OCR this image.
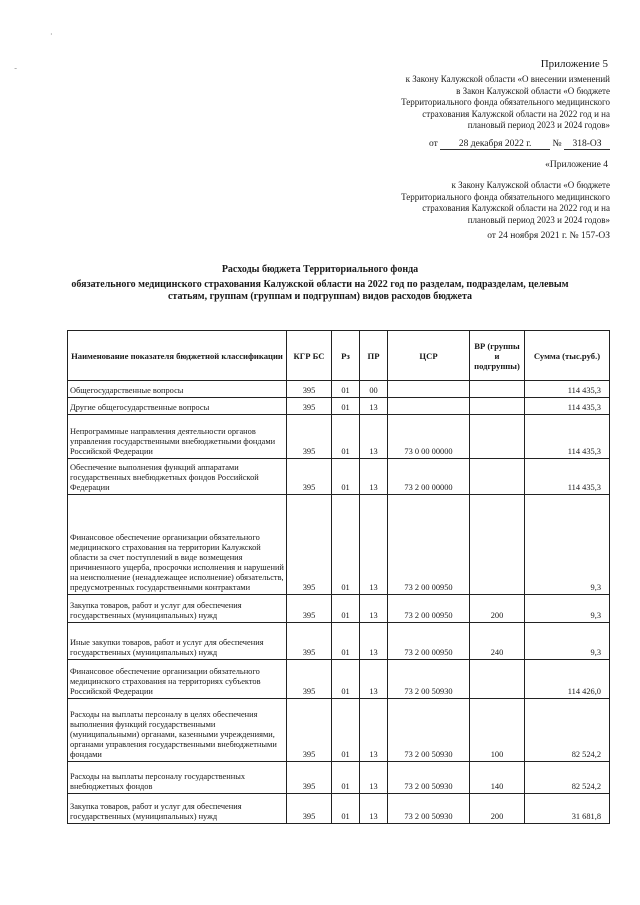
·
ᐨ
Приложение 5
к Закону Калужской области «О внесении изменений
в Закон Калужской области «О бюджете
Территориального фонда обязательного медицинского
страхования Калужской области на 2022 год и на
плановый период 2023 и 2024 годов»
от 28 декабря 2022 г. № 318-ОЗ
«Приложение 4
к Закону Калужской области «О бюджете
Территориального фонда обязательного медицинского
страхования Калужской области на 2022 год и на
плановый период 2023 и 2024 годов»
от 24 ноября 2021 г. № 157-ОЗ
Расходы бюджета Территориального фонда
обязательного медицинского страхования Калужской области на 2022 год по разделам, подразделам, целевым
статьям, группам (группам и подгруппам) видов расходов бюджета
Наименование показателя бюджетной классификации	КГР БС	Рз	ПР	ЦСР	ВР (группы и подгруппы)	Сумма (тыс.руб.)
Общегосударственные вопросы	395	01	00			114 435,3
Другие общегосударственные вопросы	395	01	13			114 435,3
Непрограммные направления деятельности органов управления государственными внебюджетными фондами Российской Федерации	395	01	13	73 0 00 00000		114 435,3
Обеспечение выполнения функций аппаратами государственных внебюджетных фондов Российской Федерации	395	01	13	73 2 00 00000		114 435,3
Финансовое обеспечение организации обязательного медицинского страхования на территории Калужской области за счет поступлений в виде возмещения причиненного ущерба, просрочки исполнения и нарушений на неисполнение (ненадлежащее исполнение) обязательств, предусмотренных государственными контрактами	395	01	13	73 2 00 00950		9,3
Закупка товаров, работ и услуг для обеспечения государственных (муниципальных) нужд	395	01	13	73 2 00 00950	200	9,3
Иные закупки товаров, работ и услуг для обеспечения государственных (муниципальных) нужд	395	01	13	73 2 00 00950	240	9,3
Финансовое обеспечение организации обязательного медицинского страхования на территориях субъектов Российской Федерации	395	01	13	73 2 00 50930		114 426,0
Расходы на выплаты персоналу в целях обеспечения выполнения функций государственными (муниципальными) органами, казенными учреждениями, органами управления государственными внебюджетными фондами	395	01	13	73 2 00 50930	100	82 524,2
Расходы на выплаты персоналу государственных внебюджетных фондов	395	01	13	73 2 00 50930	140	82 524,2
Закупка товаров, работ и услуг для обеспечения государственных (муниципальных) нужд	395	01	13	73 2 00 50930	200	31 681,8
